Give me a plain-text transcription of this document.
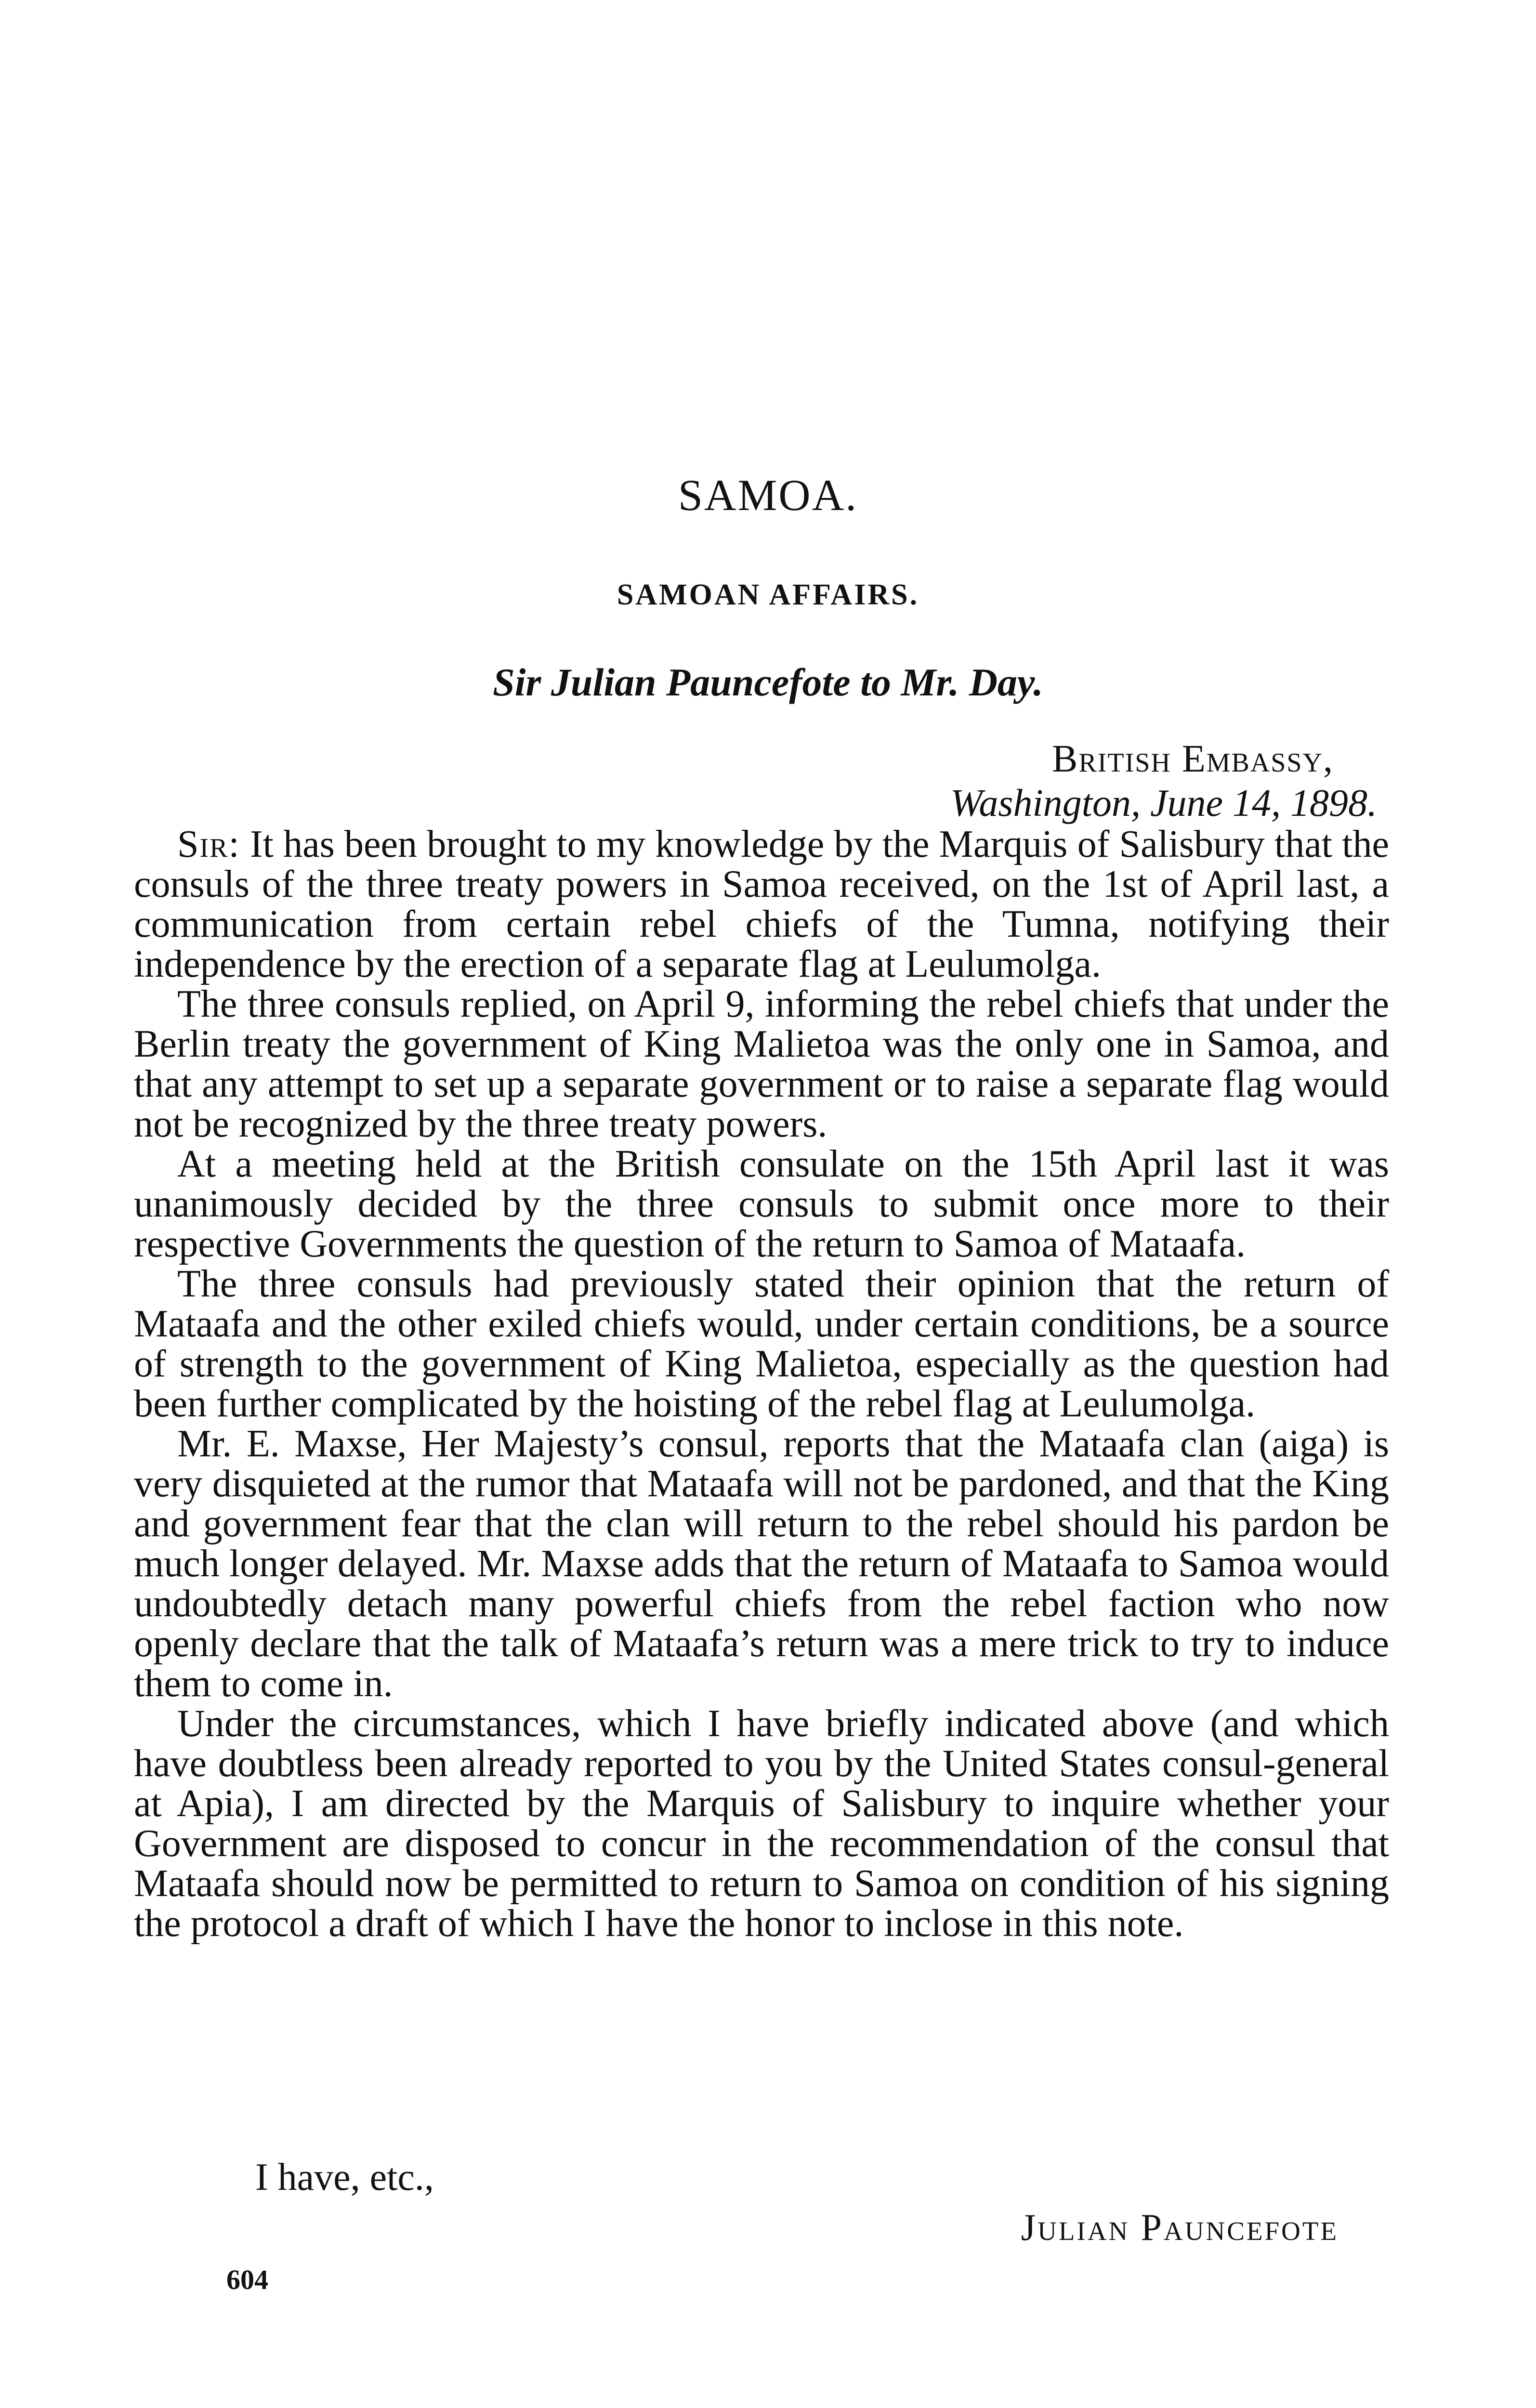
SAMOA.
SAMOAN AFFAIRS.
Sir Julian Pauncefote to Mr. Day.
British Embassy,
Washington, June 14, 1898.

Sir: It has been brought to my knowledge by the Marquis of Salisbury that the consuls of the three treaty powers in Samoa received, on the 1st of April last, a communication from certain rebel chiefs of the Tumna, notifying their independence by the erection of a separate flag at Leulumolga.

The three consuls replied, on April 9, informing the rebel chiefs that under the Berlin treaty the government of King Malietoa was the only one in Samoa, and that any attempt to set up a separate government or to raise a separate flag would not be recognized by the three treaty powers.

At a meeting held at the British consulate on the 15th April last it was unanimously decided by the three consuls to submit once more to their respective Governments the question of the return to Samoa of Mataafa.

The three consuls had previously stated their opinion that the return of Mataafa and the other exiled chiefs would, under certain conditions, be a source of strength to the government of King Malietoa, especially as the question had been further complicated by the hoisting of the rebel flag at Leulumolga.

Mr. E. Maxse, Her Majesty’s consul, reports that the Mataafa clan (aiga) is very disquieted at the rumor that Mataafa will not be pardoned, and that the King and government fear that the clan will return to the rebel should his pardon be much longer delayed. Mr. Maxse adds that the return of Mataafa to Samoa would undoubtedly detach many powerful chiefs from the rebel faction who now openly declare that the talk of Mataafa’s return was a mere trick to try to induce them to come in.

Under the circumstances, which I have briefly indicated above (and which have doubtless been already reported to you by the United States consul-general at Apia), I am directed by the Marquis of Salisbury to inquire whether your Government are disposed to concur in the recommendation of the consul that Mataafa should now be permitted to return to Samoa on condition of his signing the protocol a draft of which I have the honor to inclose in this note.

I have, etc.,

Julian Pauncefote

604
